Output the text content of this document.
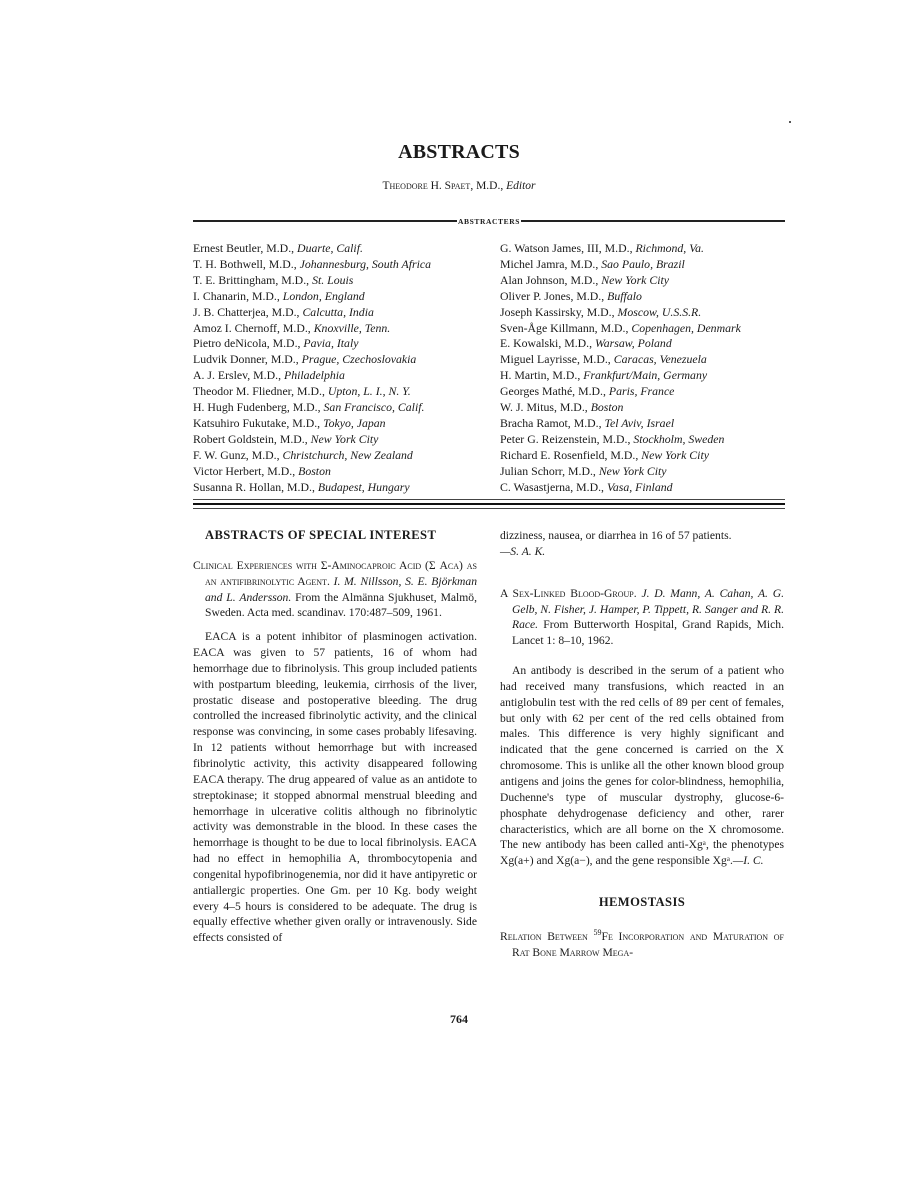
ABSTRACTS
Theodore H. Spaet, M.D., Editor
ABSTRACTERS
Ernest Beutler, M.D., Duarte, Calif.
T. H. Bothwell, M.D., Johannesburg, South Africa
T. E. Brittingham, M.D., St. Louis
I. Chanarin, M.D., London, England
J. B. Chatterjea, M.D., Calcutta, India
Amoz I. Chernoff, M.D., Knoxville, Tenn.
Pietro deNicola, M.D., Pavia, Italy
Ludvik Donner, M.D., Prague, Czechoslovakia
A. J. Erslev, M.D., Philadelphia
Theodor M. Fliedner, M.D., Upton, L. I., N. Y.
H. Hugh Fudenberg, M.D., San Francisco, Calif.
Katsuhiro Fukutake, M.D., Tokyo, Japan
Robert Goldstein, M.D., New York City
F. W. Gunz, M.D., Christchurch, New Zealand
Victor Herbert, M.D., Boston
Susanna R. Hollan, M.D., Budapest, Hungary
G. Watson James, III, M.D., Richmond, Va.
Michel Jamra, M.D., Sao Paulo, Brazil
Alan Johnson, M.D., New York City
Oliver P. Jones, M.D., Buffalo
Joseph Kassirsky, M.D., Moscow, U.S.S.R.
Sven-Åge Killmann, M.D., Copenhagen, Denmark
E. Kowalski, M.D., Warsaw, Poland
Miguel Layrisse, M.D., Caracas, Venezuela
H. Martin, M.D., Frankfurt/Main, Germany
Georges Mathé, M.D., Paris, France
W. J. Mitus, M.D., Boston
Bracha Ramot, M.D., Tel Aviv, Israel
Peter G. Reizenstein, M.D., Stockholm, Sweden
Richard E. Rosenfield, M.D., New York City
Julian Schorr, M.D., New York City
C. Wasastjerna, M.D., Vasa, Finland
ABSTRACTS OF SPECIAL INTEREST
Clinical Experiences with Σ-Aminocaproic Acid (Σ Aca) as an antifibrinolytic Agent. I. M. Nillsson, S. E. Björkman and L. Andersson. From the Almänna Sjukhuset, Malmö, Sweden. Acta med. scandinav. 170:487–509, 1961.

EACA is a potent inhibitor of plasminogen activation. EACA was given to 57 patients, 16 of whom had hemorrhage due to fibrinolysis. This group included patients with postpartum bleeding, leukemia, cirrhosis of the liver, prostatic disease and postoperative bleeding. The drug controlled the increased fibrinolytic activity, and the clinical response was convincing, in some cases probably lifesaving. In 12 patients without hemorrhage but with increased fibrinolytic activity, this activity disappeared following EACA therapy. The drug appeared of value as an antidote to streptokinase; it stopped abnormal menstrual bleeding and hemorrhage in ulcerative colitis although no fibrinolytic activity was demonstrable in the blood. In these cases the hemorrhage is thought to be due to local fibrinolysis. EACA had no effect in hemophilia A, thrombocytopenia and congenital hypofibrinogenemia, nor did it have antipyretic or antiallergic properties. One Gm. per 10 Kg. body weight every 4–5 hours is considered to be adequate. The drug is equally effective whether given orally or intravenously. Side effects consisted of

dizziness, nausea, or diarrhea in 16 of 57 patients.

—S. A. K.
A Sex-Linked Blood-Group. J. D. Mann, A. Cahan, A. G. Gelb, N. Fisher, J. Hamper, P. Tippett, R. Sanger and R. R. Race. From Butterworth Hospital, Grand Rapids, Mich. Lancet 1: 8–10, 1962.

An antibody is described in the serum of a patient who had received many transfusions, which reacted in an antiglobulin test with the red cells of 89 per cent of females, but only with 62 per cent of the red cells obtained from males. This difference is very highly significant and indicated that the gene concerned is carried on the X chromosome. This is unlike all the other known blood group antigens and joins the genes for color-blindness, hemophilia, Duchenne's type of muscular dystrophy, glucose-6-phosphate dehydrogenase deficiency and other, rarer characteristics, which are all borne on the X chromosome. The new antibody has been called anti-Xgᵃ, the phenotypes Xg(a+) and Xg(a−), and the gene responsible Xgᵃ.—I. C.

HEMOSTASIS
Relation Between $^{59}$Fe Incorporation and Maturation of Rat Bone Marrow Mega-
764
